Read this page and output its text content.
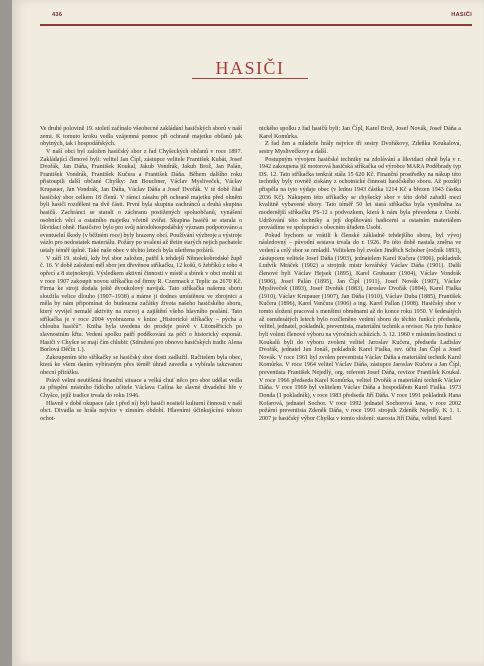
436	HASIČI
HASIČI

Ve druhé polovině 19. století začínalo všeobecné zakládání hasičských sborů v naší zemi. K tomuto kroku vedla vzájemná pomoc při ochraně majetku občanů jak obytných, tak i hospodářských.

V naší obci byl založen hasičský sbor z řad Chyšeckých občanů v roce 1897. Zakládající členové byli: velitel Jan Čípl, zástupce velitele František Kubát, Josef Dvořák, Jan Dáňa, František Koukal, Jakub Vondrák, Jakub Brož, Jan Palán, František Vondrák, František Kučera a František Dáňa. Během dalšího roku přistoupili další občané Chyšky: Jan Bouchner, Václav Mysliveček, Václav Krupauer, Jan Vondrák, Jan Dáňa, Václav Dáňa a Josef Dvořák. V té době čítal hasičský sbor celkem 18 členů. V rámci zásahu při ochraně majetku před ohněm byli hasiči rozděleni na dvě části. První byla skupina zachránců a druhá skupina hasičů. Zachránci se starali o záchranu postižených spoluobčanů, vynášení osobních věcí a ostatního majetku včetně zvířat. Skupina hasičů se starala o likvidaci ohně. Hasičstvo bylo pro svůj národohospodářský význam podporováno a eventuelní škody (v běžném roce) byly hrazeny obcí. Používání výzbroje a výstroje vázlo pro nedostatek materiálu. Požáry po uvalení až třetin starých nejich pachatele ustaly téměř úplně. Také naše obec v těchto letech byla ušetřena požárů.

V září 19. století, kdy byl sbor založen, patřil k tehdejší Německobrodské župě č. 16. V době založení měl sbor jen dřevěnou stříkačku, 12 košů, 6 žebříků z toho 4 opřecí a 8 stejnokrojů. Výsledkem aktivní činnosti v místě a sbírek v obci mohli si v roce 1907 zakoupit novou stříkačku od firmy R. Czermack z Teplic za 2670 Kč. Firma ke stroji dodala ještě dvoukolový navijak. Tato stříkačka našemu sboru sloužila velice dlouho (1907–1938) a máme ji dodnes umístěnou ve zbrojnici a měla by nám připomínat do budoucna začátky života našeho hasičského sboru, který vyvíjel nemalé aktivity na rozvoj a zajištění všeho hlavního poslání. Tato stříkačka je v roce 2004 vyobrazena v knize „Historické stříkačky – pýcha a chlouba hasičů“. Kniha byla uvedena do prodeje právě v Litoměřicích po slavnostním křtu. Vedení spolku patří poděkování za péči o historický exponát. Hasiči v Chyšce se mají čím chlubit: (Sdružení pro obnovu hasičských tradic Alena Borlová Děčín 1.).

Zakoupením této stříkačky se hasičský sbor dosti zadlužil. Račitelem byla obec, která ke všem daním vybíraným přes téměř úhrad zavedla a vybírala takzvanou obecní přirážku.

Právě velmi neutěšená finanční situace a velká chuť něco pro sbor udělat vedla za přispění místního řídícího učitele Václava Cafína ke slavné divadelní hře v Chyšce, jejíž tradice trvala do roku 1946.

Hlavně v době okupace (ale i před ní) byli hasiči nositeli kulturní činnosti v naší obci. Divadla se hrála nejvíce v zimním období. Hlavními účinkujícími tohoto ochot-

nického spolku z řad hasičů byli: Jan Čípl, Karel Brož, Josef Novák, Josef Dáňa a Karel Komůrka.

Z řad žen a mládeže hrály nejvíce tři sestry Dvořákovy, Zdeňka Koukalová, sestry Myslivečkovy a další.

Postupným vývojem hasičské techniky na zdolávání a likvidaci ohně byla v r. 1942 zakoupena již motorová hasičská stříkačka od výrobce MARA Poděbrady typ DS. 12. Tato stříkačka tenkrát stála 15 620 Kč. Finanční prostředky na nákup této techniky byly rovněž získány z ochotnické činnosti hasičského sboru. Až později přispěla na tyto výdaje obec (v lednu 1943 částka 1214 Kč a březen 1943 částka 2036 Kč). Nákupem této stříkačky se chyšecký sbor v této době zařadil mezi kvalitně vybavené sbory. Tato téměř 50 let stará stříkačka byla vyměněna za modernější stříkačku PS-12 s podvozkem, která k nám byla převedena z Úsobí. Udržování této techniky a její doplňování hadicemi a ostatním materiálem provádíme ve spolupráci s obecním úřadem Úsobí.

Pokud bychom se vrátili k členské základně tehdejšího sboru, byl vývoj následovný – původní sestava trvala do r. 1926. Po této době nastala změna ve vedení a celý sbor se omladil. Velitelem byl zvolen Jindřich Schober (ročník 1893), zástupcem velitele Josef Dáňa (1903), jednatelem Karel Kučera (1906), pokladník Ludvík Mráček (1902) a strojník mistr kovářský Václav Dáňa (1901). Další členové byli Václav Hejsek (1895), Karel Grubauer (1904), Václav Vondrák (1906), Josef Palán (1895), Jan Čípl (1911), Josef Novák (1907), Václav Mysliveček (1893), Josef Dvořák (1883), Jaroslav Dvořák (1894), Karel Fialka (1910), Václav Krupauer (1907), Jan Dáňa (1910), Václav Duba (1885), František Kučera (1896), Karel Vančura (1906) a ing. Karel Pallan (1908). Hasičský sbor v tomto složení pracoval s menšími obměnami až do konce roku 1950. V šedesátých až osmdesátých letech bylo rozčleněno vedení sboru do těchto funkcí: předseda, velitel, jednatel, pokladník, preventista, materiální technik a revisor. Na tyto funkce byli voleni členové výboru na výročních schůzích. 3. 12. 1960 v místním hostinci u Koukalů byli do výboru zvoleni velitel Jaroslav Kučera, předseda Ladislav Dvořák, jednatel Jan Jonáš, pokladník Karel Fialka, rev. účtu Jan Čípl a Josef Novák. V roce 1961 byl zvolen preventista Václav Dáňa a materiální technik Karel Komůrka. V roce 1964 velitel Václav Dáňa, zástupce Jaroslav Kučera a Jan Čípl, preventista František Nejedlý, org. referent Josef Dáňa, revizor František Koukal. V roce 1966 předseda Karel Komůrka, velitel Dvořák a materiální technik Václav Dáňa. V roce 1969 byl velitelem Václav Dáňa a hospodářem Karel Fialka. 1973 Donda (1 pokladník), v roce 1983 předseda Jiří Dáňa. V roce 1991 pokladník Hana Kofarová, jednatel Sochor. V roce 1992 jednatel Sochorová Jana, v roce 2002 požární preventista Zdeněk Dáňa, v roce 1991 strojník Zdeněk Nejedlý. K 1. 1. 2007 je hasičský výbor Chyška v tomto složení: starosta Jiří Dáňa, velitel Karel
